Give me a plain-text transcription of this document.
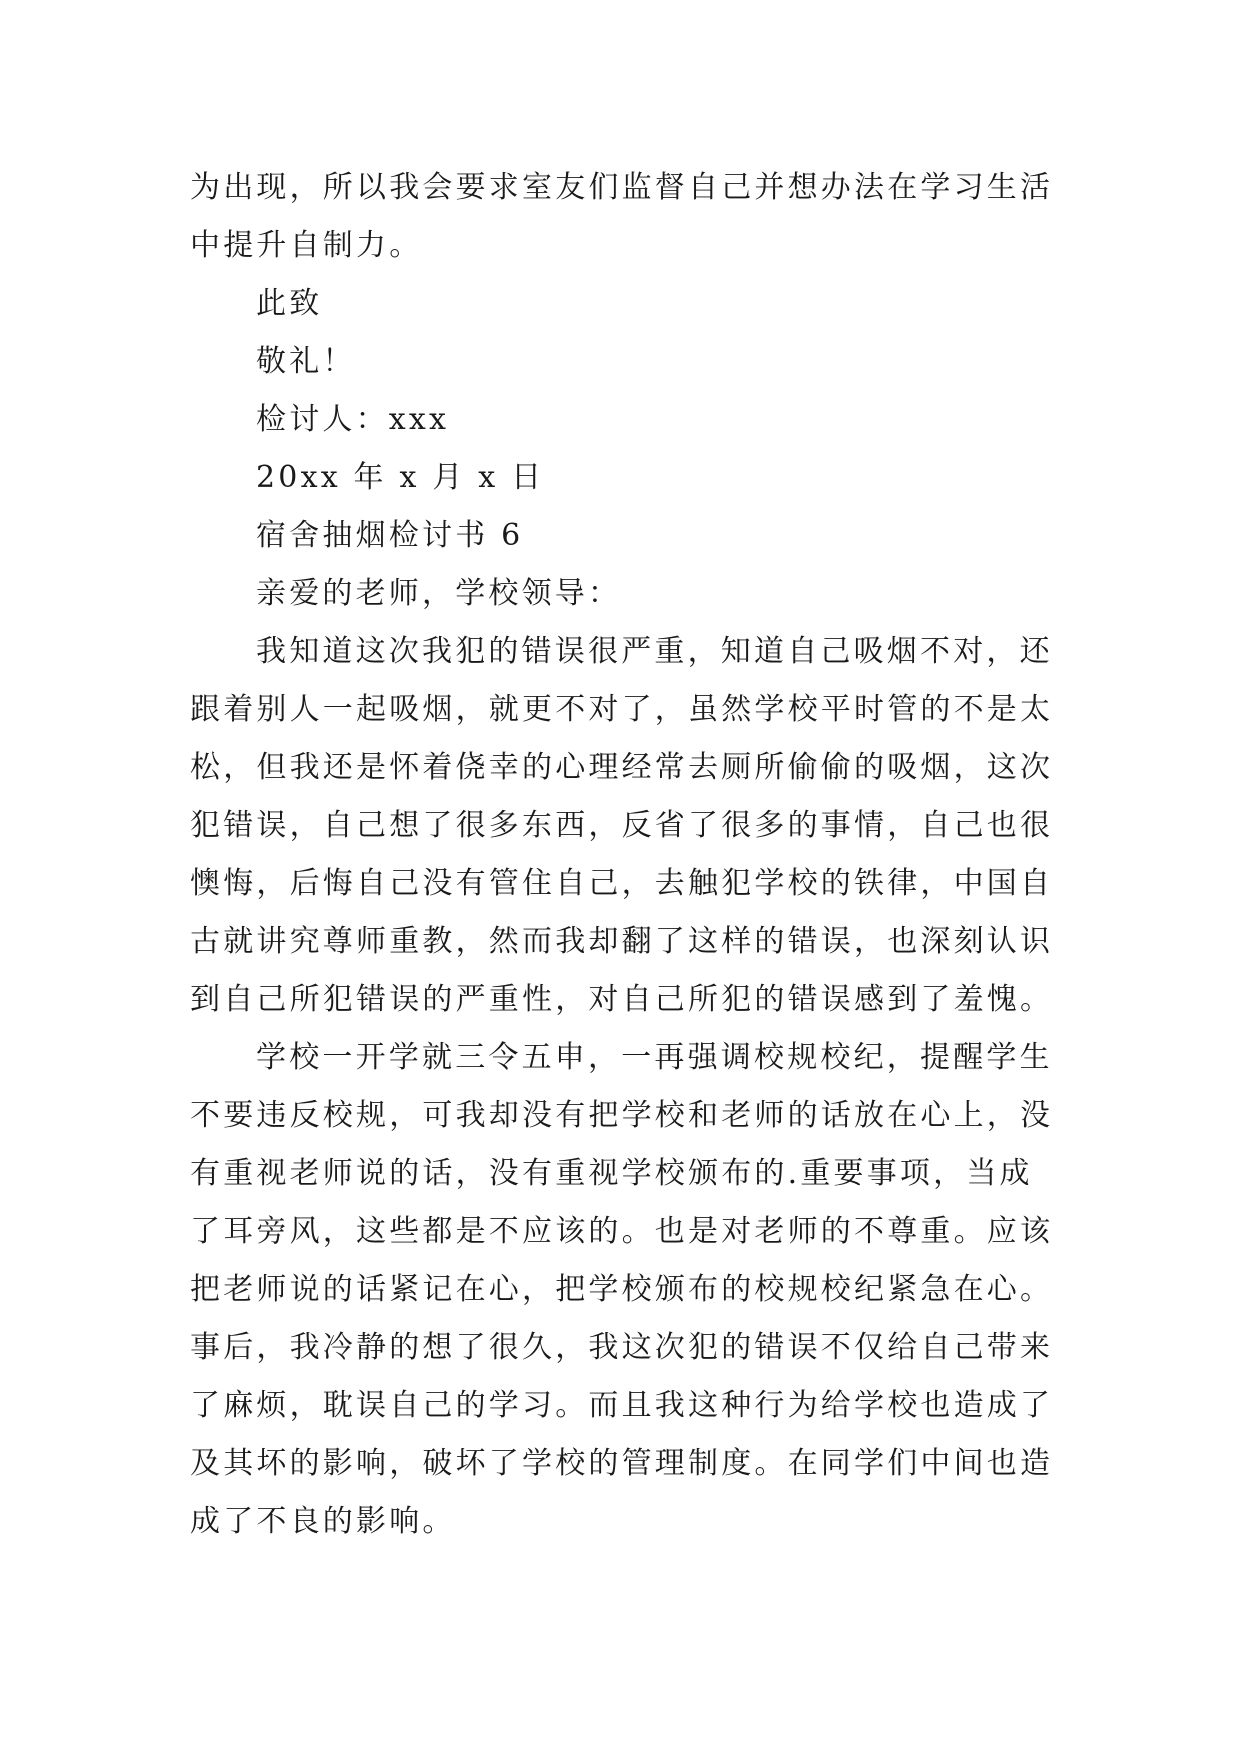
为出现，所以我会要求室友们监督自己并想办法在学习生活
中提升自制力。
此致
敬礼！
检讨人：xxx
20xx 年 x 月 x 日
宿舍抽烟检讨书 6
亲爱的老师，学校领导：
我知道这次我犯的错误很严重，知道自己吸烟不对，还
跟着别人一起吸烟，就更不对了，虽然学校平时管的不是太
松，但我还是怀着侥幸的心理经常去厕所偷偷的吸烟，这次
犯错误，自己想了很多东西，反省了很多的事情，自己也很
懊悔，后悔自己没有管住自己，去触犯学校的铁律，中国自
古就讲究尊师重教，然而我却翻了这样的错误，也深刻认识
到自己所犯错误的严重性，对自己所犯的错误感到了羞愧。
学校一开学就三令五申，一再强调校规校纪，提醒学生
不要违反校规，可我却没有把学校和老师的话放在心上，没
有重视老师说的话，没有重视学校颁布的.重要事项，当成
了耳旁风，这些都是不应该的。也是对老师的不尊重。应该
把老师说的话紧记在心，把学校颁布的校规校纪紧急在心。
事后，我冷静的想了很久，我这次犯的错误不仅给自己带来
了麻烦，耽误自己的学习。而且我这种行为给学校也造成了
及其坏的影响，破坏了学校的管理制度。在同学们中间也造
成了不良的影响。
